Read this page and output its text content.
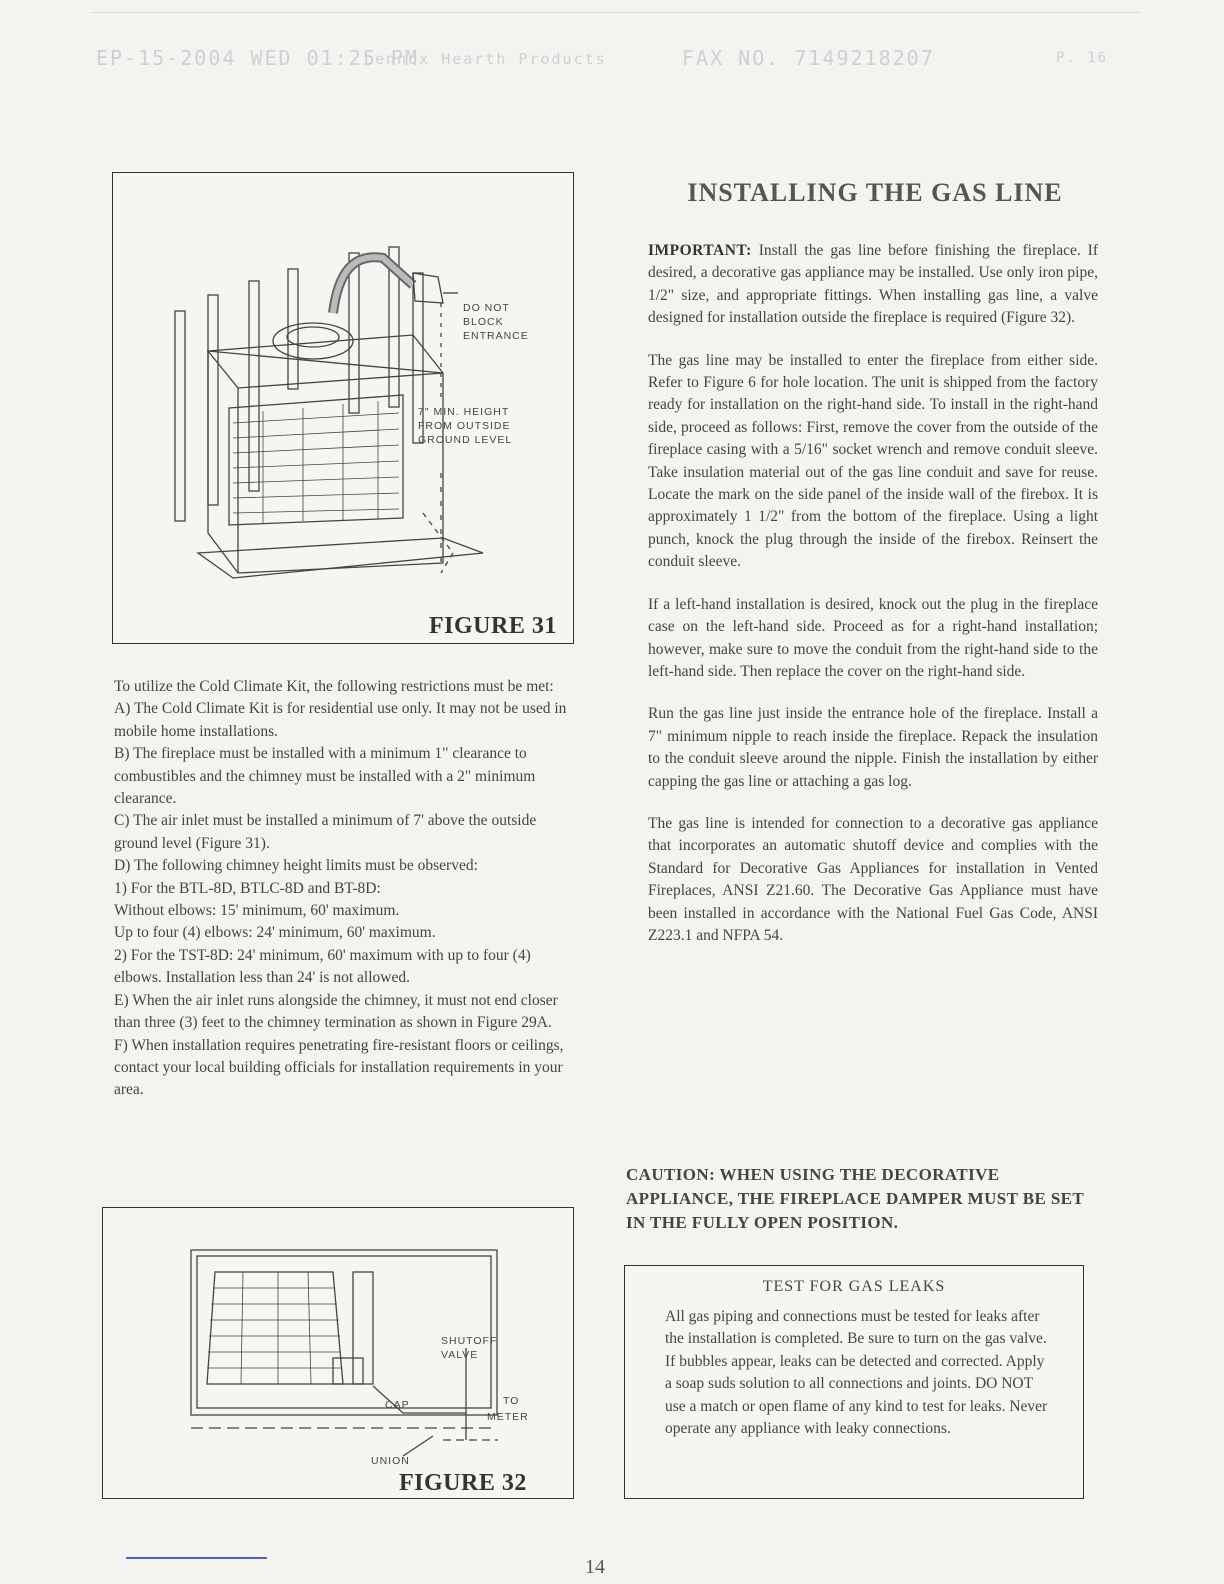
EP-15-2004 WED 01:25 PM
Lennox Hearth Products	FAX NO. 7149218207	P. 16
DO NOT
BLOCK
ENTRANCE
7" MIN. HEIGHT
FROM OUTSIDE
GROUND LEVEL
FIGURE 31

To utilize the Cold Climate Kit, the following restrictions must be met:

A) The Cold Climate Kit is for residential use only. It may not be used in mobile home installations.

B) The fireplace must be installed with a minimum 1" clearance to combustibles and the chimney must be installed with a 2" minimum clearance.

C) The air inlet must be installed a minimum of 7' above the outside ground level (Figure 31).

D) The following chimney height limits must be observed:

1) For the BTL-8D, BTLC-8D and BT-8D:

Without elbows: 15' minimum, 60' maximum.

Up to four (4) elbows: 24' minimum, 60' maximum.

2) For the TST-8D: 24' minimum, 60' maximum with up to four (4) elbows. Installation less than 24' is not allowed.

E) When the air inlet runs alongside the chimney, it must not end closer than three (3) feet to the chimney termination as shown in Figure 29A.

F) When installation requires penetrating fire-resistant floors or ceilings, contact your local building officials for installation requirements in your area.

SHUTOFF
VALVE
CAP	TO
METER
UNION
FIGURE 32
INSTALLING THE GAS LINE

IMPORTANT: Install the gas line before finishing the fireplace. If desired, a decorative gas appliance may be installed. Use only iron pipe, 1/2" size, and appropriate fittings. When installing gas line, a valve designed for installation outside the fireplace is required (Figure 32).

The gas line may be installed to enter the fireplace from either side. Refer to Figure 6 for hole location. The unit is shipped from the factory ready for installation on the right-hand side. To install in the right-hand side, proceed as follows: First, remove the cover from the outside of the fireplace casing with a 5/16" socket wrench and remove conduit sleeve. Take insulation material out of the gas line conduit and save for reuse. Locate the mark on the side panel of the inside wall of the firebox. It is approximately 1 1/2" from the bottom of the fireplace. Using a light punch, knock the plug through the inside of the firebox. Reinsert the conduit sleeve.

If a left-hand installation is desired, knock out the plug in the fireplace case on the left-hand side. Proceed as for a right-hand installation; however, make sure to move the conduit from the right-hand side to the left-hand side. Then replace the cover on the right-hand side.

Run the gas line just inside the entrance hole of the fireplace. Install a 7" minimum nipple to reach inside the fireplace. Repack the insulation to the conduit sleeve around the nipple. Finish the installation by either capping the gas line or attaching a gas log.

The gas line is intended for connection to a decorative gas appliance that incorporates an automatic shutoff device and complies with the Standard for Decorative Gas Appliances for installation in Vented Fireplaces, ANSI Z21.60. The Decorative Gas Appliance must have been installed in accordance with the National Fuel Gas Code, ANSI Z223.1 and NFPA 54.

CAUTION: WHEN USING THE DECORATIVE APPLIANCE, THE FIREPLACE DAMPER MUST BE SET IN THE FULLY OPEN POSITION.
TEST FOR GAS LEAKS
All gas piping and connections must be tested for leaks after the installation is completed. Be sure to turn on the gas valve. If bubbles appear, leaks can be detected and corrected. Apply a soap suds solution to all connections and joints. DO NOT use a match or open flame of any kind to test for leaks. Never operate any appliance with leaky connections.
14
